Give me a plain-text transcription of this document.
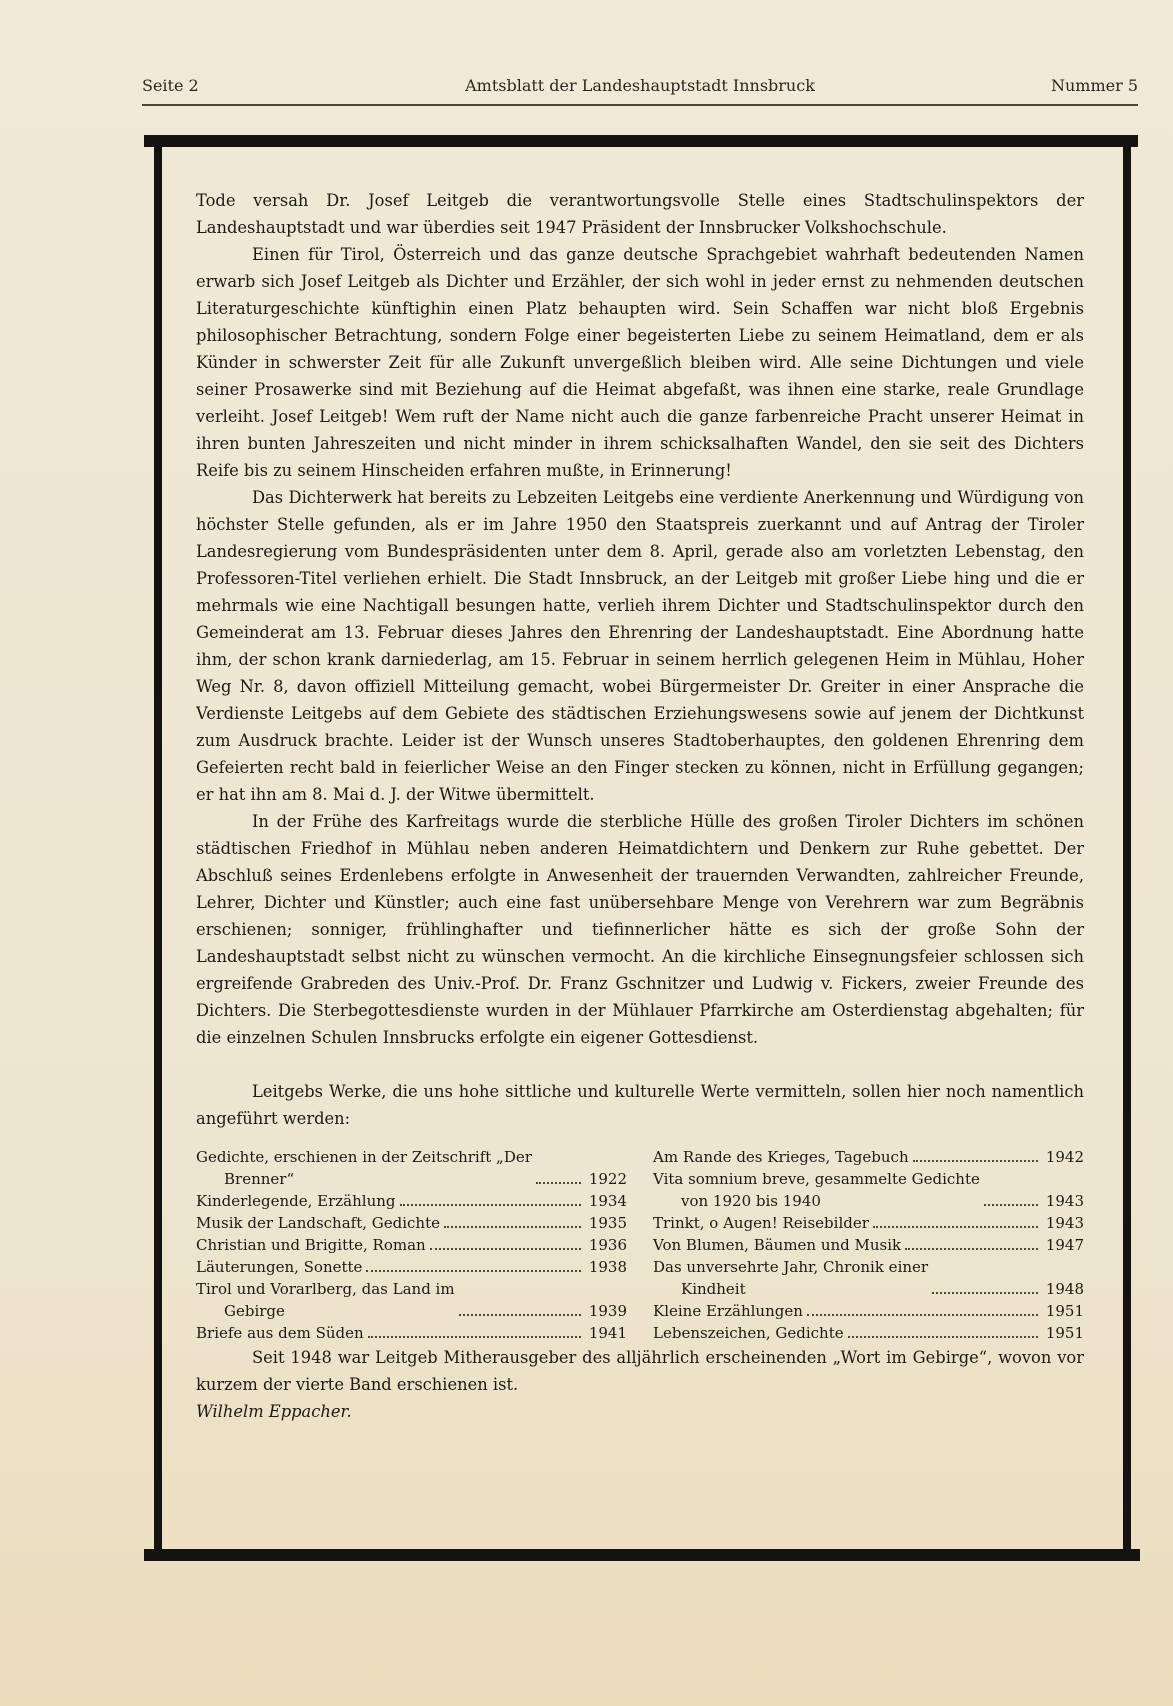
Seite 2	Amtsblatt der Landeshauptstadt Innsbruck	Nummer 5

Tode versah Dr. Josef Leitgeb die verantwortungsvolle Stelle eines Stadtschulinspektors der Landeshauptstadt und war überdies seit 1947 Präsident der Innsbrucker Volkshochschule.

Einen für Tirol, Österreich und das ganze deutsche Sprachgebiet wahrhaft bedeutenden Namen erwarb sich Josef Leitgeb als Dichter und Erzähler, der sich wohl in jeder ernst zu nehmenden deutschen Literaturgeschichte künftighin einen Platz behaupten wird. Sein Schaffen war nicht bloß Ergebnis philosophischer Betrachtung, sondern Folge einer begeisterten Liebe zu seinem Heimatland, dem er als Künder in schwerster Zeit für alle Zukunft unvergeßlich bleiben wird. Alle seine Dichtungen und viele seiner Prosawerke sind mit Beziehung auf die Heimat abgefaßt, was ihnen eine starke, reale Grundlage verleiht. Josef Leitgeb! Wem ruft der Name nicht auch die ganze farbenreiche Pracht unserer Heimat in ihren bunten Jahreszeiten und nicht minder in ihrem schicksalhaften Wandel, den sie seit des Dichters Reife bis zu seinem Hinscheiden erfahren mußte, in Erinnerung!

Das Dichterwerk hat bereits zu Lebzeiten Leitgebs eine verdiente Anerkennung und Würdigung von höchster Stelle gefunden, als er im Jahre 1950 den Staatspreis zuerkannt und auf Antrag der Tiroler Landesregierung vom Bundespräsidenten unter dem 8. April, gerade also am vorletzten Lebenstag, den Professoren-Titel verliehen erhielt. Die Stadt Innsbruck, an der Leitgeb mit großer Liebe hing und die er mehrmals wie eine Nachtigall besungen hatte, verlieh ihrem Dichter und Stadtschulinspektor durch den Gemeinderat am 13. Februar dieses Jahres den Ehrenring der Landeshauptstadt. Eine Abordnung hatte ihm, der schon krank darniederlag, am 15. Februar in seinem herrlich gelegenen Heim in Mühlau, Hoher Weg Nr. 8, davon offiziell Mitteilung gemacht, wobei Bürgermeister Dr. Greiter in einer Ansprache die Verdienste Leitgebs auf dem Gebiete des städtischen Erziehungswesens sowie auf jenem der Dichtkunst zum Ausdruck brachte. Leider ist der Wunsch unseres Stadtoberhauptes, den goldenen Ehrenring dem Gefeierten recht bald in feierlicher Weise an den Finger stecken zu können, nicht in Erfüllung gegangen; er hat ihn am 8. Mai d. J. der Witwe übermittelt.

In der Frühe des Karfreitags wurde die sterbliche Hülle des großen Tiroler Dichters im schönen städtischen Friedhof in Mühlau neben anderen Heimatdichtern und Denkern zur Ruhe gebettet. Der Abschluß seines Erdenlebens erfolgte in Anwesenheit der trauernden Verwandten, zahlreicher Freunde, Lehrer, Dichter und Künstler; auch eine fast unübersehbare Menge von Verehrern war zum Begräbnis erschienen; sonniger, frühlinghafter und tiefinnerlicher hätte es sich der große Sohn der Landeshauptstadt selbst nicht zu wünschen vermocht. An die kirchliche Einsegnungsfeier schlossen sich ergreifende Grabreden des Univ.-Prof. Dr. Franz Gschnitzer und Ludwig v. Fickers, zweier Freunde des Dichters. Die Sterbegottesdienste wurden in der Mühlauer Pfarrkirche am Osterdienstag abgehalten; für die einzelnen Schulen Innsbrucks erfolgte ein eigener Gottesdienst.

Leitgebs Werke, die uns hohe sittliche und kulturelle Werte vermitteln, sollen hier noch namentlich angeführt werden:

Gedichte, erschienen in der Zeitschrift „Der
Brenner“	1922
Kinderlegende, Erzählung	1934
Musik der Landschaft, Gedichte	1935
Christian und Brigitte, Roman	1936
Läuterungen, Sonette	1938
Tirol und Vorarlberg, das Land im
Gebirge	1939
Briefe aus dem Süden	1941
Am Rande des Krieges, Tagebuch	1942
Vita somnium breve, gesammelte Gedichte
von 1920 bis 1940	1943
Trinkt, o Augen! Reisebilder	1943
Von Blumen, Bäumen und Musik	1947
Das unversehrte Jahr, Chronik einer
Kindheit	1948
Kleine Erzählungen	1951
Lebenszeichen, Gedichte	1951

Seit 1948 war Leitgeb Mitherausgeber des alljährlich erscheinenden „Wort im Gebirge“, wovon vor kurzem der vierte Band erschienen ist.

Wilhelm Eppacher.
